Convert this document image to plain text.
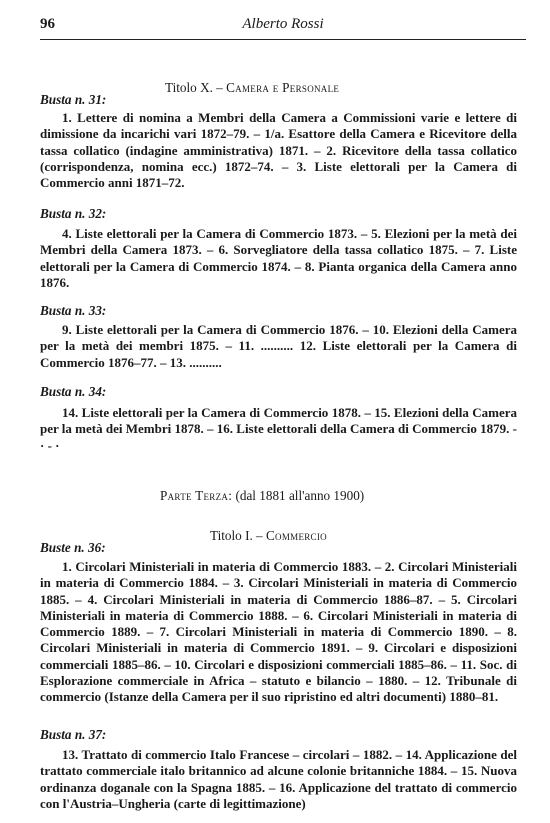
96	Alberto Rossi
Titolo X. – Camera e Personale
Busta n. 31:
1. Lettere di nomina a Membri della Camera a Commissioni varie e lettere di dimissione da incarichi vari 1872–79. – 1/a. Esattore della Camera e Ricevitore della tassa collatico (indagine amministrativa) 1871. – 2. Ricevitore della tassa collatico (corrispondenza, nomina ecc.) 1872–74. – 3. Liste elettorali per la Camera di Commercio anni 1871–72.
Busta n. 32:
4. Liste elettorali per la Camera di Commercio 1873. – 5. Elezioni per la metà dei Membri della Camera 1873. – 6. Sorvegliatore della tassa collatico 1875. – 7. Liste elettorali per la Camera di Commercio 1874. – 8. Pianta organica della Camera anno 1876.
Busta n. 33:
9. Liste elettorali per la Camera di Commercio 1876. – 10. Elezioni della Camera per la metà dei membri 1875. – 11. .......... 12. Liste elettorali per la Camera di Commercio 1876–77. – 13. ..........
Busta n. 34:
14. Liste elettorali per la Camera di Commercio 1878. – 15. Elezioni della Camera per la metà dei Membri 1878. – 16. Liste elettorali della Camera di Commercio 1879. - · - ·
Parte Terza: (dal 1881 all'anno 1900)
Titolo I. – Commercio
Buste n. 36:
1. Circolari Ministeriali in materia di Commercio 1883. – 2. Circolari Ministeriali in materia di Commercio 1884. – 3. Circolari Ministeriali in materia di Commercio 1885. – 4. Circolari Ministeriali in materia di Commercio 1886–87. – 5. Circolari Ministeriali in materia di Commercio 1888. – 6. Circolari Ministeriali in materia di Commercio 1889. – 7. Circolari Ministeriali in materia di Commercio 1890. – 8. Circolari Ministeriali in materia di Commercio 1891. – 9. Circolari e disposizioni commerciali 1885–86. – 10. Circolari e disposizioni commerciali 1885–86. – 11. Soc. di Esplorazione commerciale in Africa – statuto e bilancio – 1880. – 12. Tribunale di commercio (Istanze della Camera per il suo ripristino ed altri documenti) 1880–81.
Busta n. 37:
13. Trattato di commercio Italo Francese – circolari – 1882. – 14. Applicazione del trattato commerciale italo britannico ad alcune colonie britanniche 1884. – 15. Nuova ordinanza doganale con la Spagna 1885. – 16. Applicazione del trattato di commercio con l'Austria–Ungheria (carte di legittimazione)
